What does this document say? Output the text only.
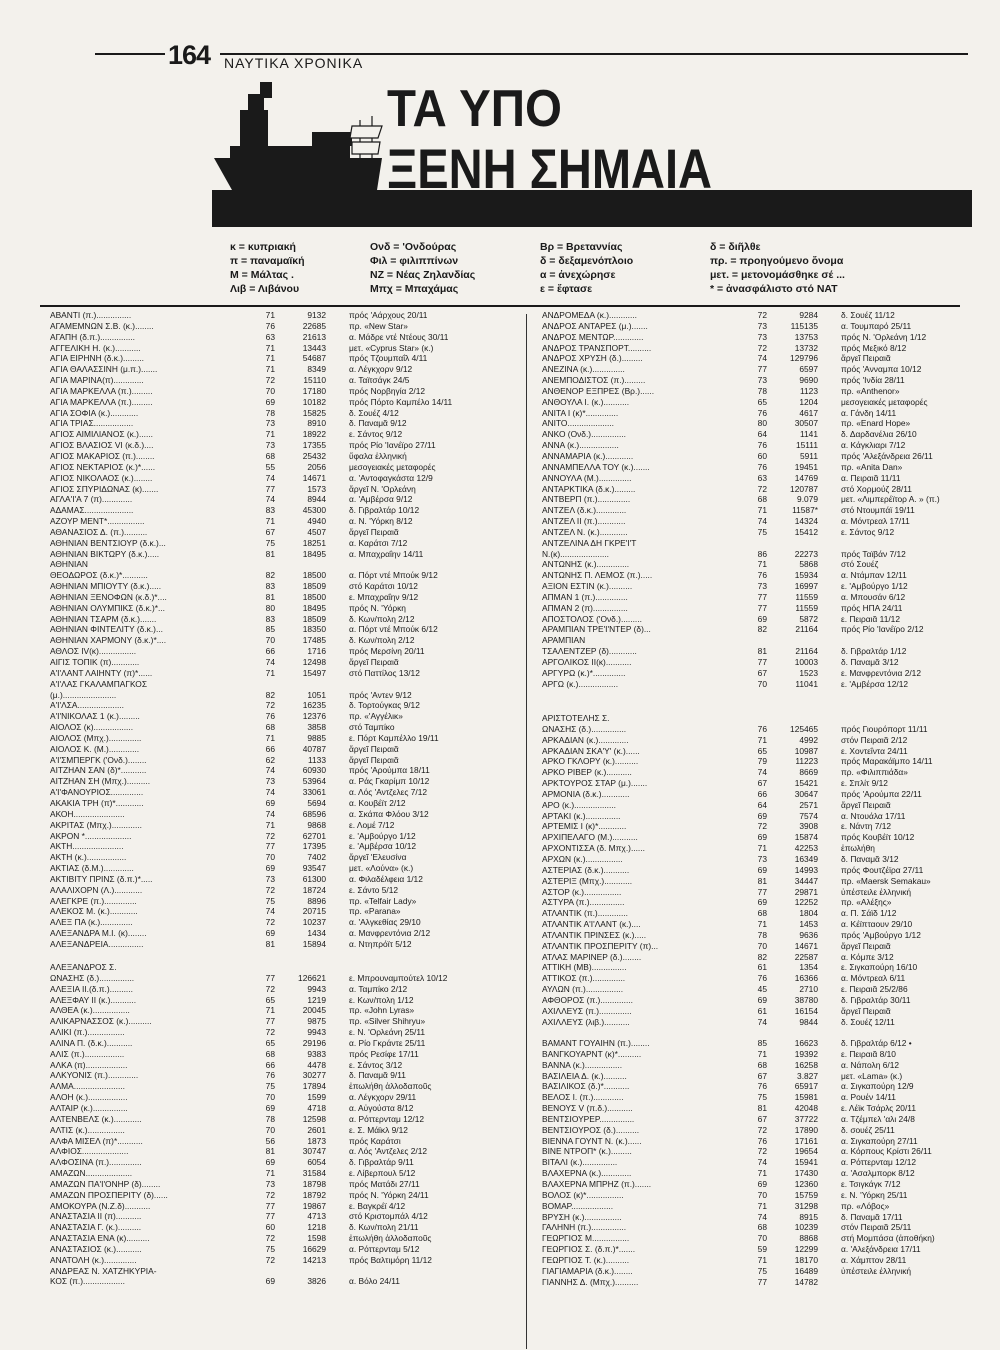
164 ΝΑΥΤΙΚΑ ΧΡΟΝΙΚΑ
ΤΑ ΥΠΟ
ΞΕΝΗ ΣΗΜΑΙΑ
κ = κυπριακή
π = παναμαϊκή
Μ = Μάλτας .
Λιβ = Λιβάνου
Ονδ = 'Ονδούρας
Φιλ = φιλιππίνων
ΝΖ = Νέας Ζηλανδίας
Μπχ = Μπαχάμας
Βρ = Βρεταννίας
δ = δεξαμενόπλοιο
α = ἀνεχώρησε
ε = ἔφτασε
δ = διῆλθε
πρ. = προηγούμενο ὄνομα
μετ. = μετονομάσθηκε σέ ...
* = ἀνασφάλιστο στό ΝΑΤ
ΑΒΑΝΤΙ (π.)...............	71	9132	πρός 'Αάρχους 20/11
ΑΓΑΜΕΜΝΩΝ Σ.Β. (κ.)........	76	22685	πρ. «New Star»
ΑΓΑΠΗ (δ.π.)...............	63	21613	α. Μάδρε ντέ Ντέους 30/11
ΑΓΓΕΛΙΚΗ Η. (κ.)...........	71	13443	μετ. «Cyprus Star» (κ.)
ΑΓΙΑ ΕΙΡΗΝΗ (δ.κ.).........	71	54687	πρός Τζουμπαΐλ 4/11
ΑΓΙΑ ΘΑΛΑΣΣΙΝΗ (μ.π.).......	71	8349	α. Λέγκχορν 9/12
ΑΓΙΑ ΜΑΡΙΝΑ(π).............	72	15110	α. Ταϊτσάγκ 24/5
ΑΓΙΑ ΜΑΡΚΕΛΛΑ (π.).........	70	17180	πρός Νορβηγία 2/12
ΑΓΙΑ ΜΑΡΚΕΛΛΑ (π.).........	69	10182	πρός Πόρτο Καμπέλο 14/11
ΑΓΙΑ ΣΟΦΙΑ (κ.)............	78	15825	δ. Σουέζ 4/12
ΑΓΙΑ ΤΡΙΑΣ.................	73	8910	δ. Παναμᾶ 9/12
ΑΓΙΟΣ ΑΙΜΙΛΙΑΝΟΣ (κ.)......	71	18922	ε. Σάντος 9/12
ΑΓΙΟΣ ΒΛΑΣΙΟΣ VI (κ.δ.)....	73	17355	πρός Ρίο 'Ιανέϊρο 27/11
ΑΓΙΟΣ ΜΑΚΑΡΙΟΣ (π.)........	68	25432	ὕφαλα ἑλληνική
ΑΓΙΟΣ ΝΕΚΤΑΡΙΟΣ (κ.)*......	55	2056	μεσογειακές μεταφορές
ΑΓΙΟΣ ΝΙΚΟΛΑΟΣ (κ.)........	74	14671	α. 'Αντοφαγκάστα 12/9
ΑΓΙΟΣ ΣΠΥΡΙΔΩΝΑΣ (κ).......	77	1573	ἄργεῖ Ν. 'Ορλεάνη
ΑΓΛΑ'Ι'Α 7 (π).............	74	8944	α. 'Αμβέρσα 9/12
ΑΔΑΜΑΣ.....................	83	45300	δ. Γιβραλτάρ 10/12
ΑΖΟΥΡ ΜΕΝΤ*................	71	4940	α. Ν. 'Υόρκη 8/12
ΑΘΑΝΑΣΙΟΣ Δ. (π.)..........	67	4507	ἄργεῖ Πειραιᾶ
ΑΘΗΝΙΑΝ ΒΕΝΤΣΙΟΥΡ (δ.κ.)...	75	18251	α. Καράτσι 7/12
ΑΘΗΝΙΑΝ ΒΙΚΤΩΡΥ (δ.κ.).....	81	18495	α. Μπαχραΐην 14/11
ΑΘΗΝΙΑΝ
ΘΕΟΔΩΡΟΣ (δ.κ.)*...........	82	18500	α. Πόρτ ντέ Μπούκ 9/12
ΑΘΗΝΙΑΝ ΜΠΙΟΥΤΥ (δ.κ.).....	83	18509	στό Καράτσι 10/12
ΑΘΗΝΙΑΝ ΞΕΝΟΦΩΝ (κ.δ.)*....	81	18500	ε. Μπαχραΐην 9/12
ΑΘΗΝΙΑΝ ΟΛΥΜΠΙΚΣ (δ.κ.)*...	80	18495	πρός Ν. 'Υόρκη
ΑΘΗΝΙΑΝ ΤΣΑΡΜ (δ.κ.).......	83	18509	δ. Κων/πολη 2/12
ΑΘΗΝΙΑΝ ΦΙΝΤΕΛΙΤΥ (δ.κ.)...	85	18350	α. Πόρτ ντέ Μπούκ 6/12
ΑΘΗΝΙΑΝ ΧΑΡΜΟΝΥ (δ.κ.)*....	70	17485	δ. Κων/πολη 2/12
ΑΘΛΟΣ IV(κ)................	66	1716	πρός Μερσίνη 20/11
ΑΙΓΙΣ ΤΟΠΙΚ (π)............	74	12498	ἄργεῖ Πειραιᾶ
Α'Ι'ΛΑΝΤ ΛΑΙΗΝΤΥ (π)*......	71	15497	στό Παττίλος 13/12
Α'Ι'ΛΑΣ ΓΚΑΛΑΜΠΑΓΚΟΣ
(μ.).......................	82	1051	πρός 'Αντεν 9/12
Α'Ι'ΛΣΑ....................	72	16235	δ. Τορτούγκας 9/12
Α'Ι'ΝΙΚΟΛΑΣ 1 (κ.).........	76	12376	πρ. «'Αγγέλικ»
ΑΙΟΛΟΣ (κ).................	68	3858	στό Ταμπίκο
ΑΙΟΛΟΣ (Μπχ.)..............	71	9885	ε. Πόρτ Καμπέλλο 19/11
ΑΙΟΛΟΣ Κ. (Μ.).............	66	40787	ἄργεῖ Πειραιᾶ
Α'Ι'ΣΜΠΕΡΓΚ ('Ονδ.)........	62	1133	ἄργεῖ Πειραιᾶ
ΑΙΤΖΗΑΝ ΣΑΝ (δ)*...........	74	60930	πρός 'Αρούμπα 18/11
ΑΙΤΖΗΑΝ ΣΗ (Μπχ.)..........	73	53964	α. Ράς Γκαρίμπ 10/12
Α'Ι'ΦΑΝΟΥΡΙΟΣ..............	74	33061	α. Λός 'Αντζελες 7/12
ΑΚΑΚΙΑ ΤΡΗ (π)*............	69	5694	α. Κουβέϊτ 2/12
ΑΚΟΗ......................	74	68596	α. Σκάπα Φλόου 3/12
ΑΚΡΙΤΑΣ (Μπχ.).............	71	9868	ε. Λομέ 7/12
ΑΚΡΟΝ *....................	72	62701	ε. 'Αμβούργο 1/12
ΑΚΤΗ......................	77	17395	ε. 'Αμβέρσα 10/12
ΑΚΤΗ (κ.).................	70	7402	ἄργεῖ 'Ελευσίνα
ΑΚΤΙΑΣ (δ.Μ.).............	69	93547	μετ. «Λούνα» (κ.)
ΑΚΤΙΒΙΤΥ ΠΡΙΝΣ (δ.π.)*.....	73	61300	α. Φιλαδέλφεια 1/12
ΑΛΑΛΙΧΟΡΝ (Λ.)............	72	18724	ε. Σάντο 5/12
ΑΛΕΓΚΡΕ (π.)..............	75	8896	πρ. «Telfair Lady»
ΑΛΕΚΟΣ Μ. (κ.)............	74	20715	πρ. «Parana»
ΑΛΕΞ ΠΑ (κ.)..............	72	10237	α. 'Αλγκεθίας 29/10
ΑΛΕΞΑΝΔΡΑ Μ.Ι. (κ)........	69	1434	α. Μανφρεντόνια 2/12
ΑΛΕΞΑΝΔΡΕΙΑ...............	81	15894	α. Ντηπρόϊτ 5/12
ΑΛΕΞΑΝΔΡΟΣ Σ.
ΩΝΑΣΗΣ (δ.)...............	77	126621	ε. Μπρουναμπούτελ 10/12
ΑΛΕΞΙΑ ΙΙ.(δ.π.)..........	72	9943	α. Ταμπίκο 2/12
ΑΛΕΞΦΑΥ ΙΙ (κ.)...........	65	1219	ε. Κων/πολη 1/12
ΑΛΘΕΑ (κ.)................	71	20045	πρ. «John Lyras»
ΑΛΙΚΑΡΝΑΣΣΟΣ (κ.)..........	77	9875	πρ. «Silver Shihryu»
ΑΛΙΚΙ (π.)................	72	9943	ε. Ν. 'Ορλεάνη 25/11
ΑΛΙΝΑ Π. (δ.κ.)...........	65	29196	α. Ρίο Γκράντε 25/11
ΑΛΙΣ (π.).................	68	9383	πρός Ρεσίφε 17/11
ΑΛΚΑ (π)..................	66	4478	ε. Σάντος 3/12
ΑΛΚΥΟΝΙΣ (π.).............	76	30277	δ. Παναμᾶ 9/11
ΑΛΜΑ......................	75	17894	ἐπωλήθη ἀλλοδαποῦς
ΑΛΟΗ (κ.).................	70	1599	α. Λέγκχορν 29/11
ΑΛΤΑΙΡ (κ.)...............	69	4718	α. Αὐγούστα 8/12
ΑΛΤΕΝΒΕΛΣ (κ.)............	78	12598	α. Ρόττερνταμ 12/12
ΑΛΤΙΣ (κ.)................	70	2601	ε. Σ. Μάϊκλ 9/12
ΑΛΦΑ ΜΙΣΕΛ (π)*...........	56	1873	πρός Καράτσι
ΑΛΦΙΟΣ....................	81	30747	α. Λός 'Αντζελες 2/12
ΑΛΦΟΣΙΝΑ (π.)..............	69	6054	δ. Γιβραλτάρ 9/11
ΑΜΑΖΩΝ....................	71	31584	ε. Λίβερπουλ 5/12
ΑΜΑΖΩΝ ΠΑ'Ι'ΟΝΗΡ (δ)........	73	18798	πρός Ματάδι 27/11
ΑΜΑΖΩΝ ΠΡΟΣΠΕΡΙΤΥ (δ)......	72	18792	πρός Ν. 'Υόρκη 24/11
ΑΜΟΚΟΥΡΑ (Ν.Ζ.δ)...........	77	19867	ε. Βαγκρέϊ 4/12
ΑΝΑΣΤΑΣΙΑ ΙΙ (π)...........	77	4713	στό Κριστομπάλ 4/12
ΑΝΑΣΤΑΣΙΑ Γ. (κ.)..........	60	1218	δ. Κων/πολη 21/11
ΑΝΑΣΤΑΣΙΑ ΕΝΑ (κ)..........	72	1598	ἐπωλήθη ἀλλοδαποῦς
ΑΝΑΣΤΑΣΙΟΣ (κ.)...........	75	16629	α. Ρόττερνταμ 5/12
ΑΝΑΤΟΛΗ (κ.)..............	72	14213	πρός Βαλτιμόρη 11/12
ΑΝΔΡΕΑΣ Ν. ΧΑΤΖΗΚΥΡΙΑ-
ΚΟΣ (π.)..................	69	3826	α. Βόλο 24/11
ΑΝΔΡΟΜΕΔΑ (κ.)............	72	9284	δ. Σουέζ 11/12
ΑΝΔΡΟΣ ΑΝΤΑΡΕΣ (μ.).......	73	115135	α. Τουμπαρό 25/11
ΑΝΔΡΟΣ ΜΕΝΤΩΡ.............	73	13753	πρός Ν. 'Ορλεάνη 1/12
ΑΝΔΡΟΣ ΤΡΑΝΣΠΟΡΤ..........	72	13732	πρός Μεξικό 8/12
ΑΝΔΡΟΣ ΧΡΥΣΗ (δ.).........	74	129796	ἄργεῖ Πειραιᾶ
ΑΝΕΖΙΝΑ (κ.)..............	77	6597	πρός 'Ανναμπα 10/12
ΑΝΕΜΠΟΔΙΣΤΟΣ (π.).........	73	9690	πρός 'Ινδία 28/11
ΑΝΘΕΝΟΡ ΕΞΠΡΕΣ (Βρ.)......	78	1123	πρ. «Anthenor»
ΑΝΘΟΥΛΑ Ι. (κ.)...........	65	1204	μεσογειακές μεταφορές
ΑΝΙΤΑ Ι (κ)*..............	76	4617	α. Γάνδη 14/11
ΑΝΙΤΟ....................	80	30507	πρ. «Enard Hope»
ΑΝΚΟ (Ονδ.)...............	64	1141	δ. Δαρδανέλια 26/10
ΑΝΝΑ (κ.).................	76	15111	α. Κάγκλιαρι 7/12
ΑΝΝΑΜΑΡΙΑ (κ.)............	60	5911	πρός 'Αλεξάνδρεια 26/11
ΑΝΝΑΜΠΕΛΛΑ ΤΟΥ (κ.).......	76	19451	πρ. «Anita Dan»
ΑΝΝΟΥΛΑ (Μ.)..............	63	14769	α. Πειραιᾶ 11/11
ΑΝΤΑΡΚΤΙΚΑ (δ.κ.).........	72	120787	στό Χορμούζ 28/11
ΑΝΤΒΕΡΠ (π.)..............	68	9.079	μετ. «Λιμπερέϊτορ Α. » (π.)
ΑΝΤΖΕΛ (δ.κ.).............	71	11587*	στό Ντουμπάϊ 19/11
ΑΝΤΖΕΛ ΙΙ (π.)............	74	14324	α. Μόντρεαλ 17/11
ΑΝΤΖΕΛ Ν. (κ.)............	75	15412	ε. Σάντος 9/12
ΑΝΤΖΕΛΙΝΑ ΔΗ ΓΚΡΕ'Ι'Τ
Ν.(κ).....................	86	22273	πρός Ταϊβάν 7/12
ΑΝΤΩΝΗΣ (κ.)..............	71	5868	στό Σουέζ
ΑΝΤΩΝΗΣ Π. ΛΕΜΟΣ (π.).....	76	15934	α. Ντάμπαν 12/11
ΑΞΙΟΝ ΕΣΤΙΝ (κ.)..........	73	16997	ε. 'Αμβούργο 1/12
ΑΠΜΑΝ 1 (π.)..............	77	11559	α. Μπουσάν 6/12
ΑΠΜΑΝ 2 (π)...............	77	11559	πρός ΗΠΑ 24/11
ΑΠΟΣΤΟΛΟΣ ('Ονδ.).........	69	5872	ε. Πειραιᾶ 11/12
ΑΡΑΜΠΙΑΝ ΤΡΕ'Ι'ΝΤΕΡ (δ)...	82	21164	πρός Ρίο 'Ιανέϊρο 2/12
ΑΡΑΜΠΙΑΝ
ΤΣΑΛΕΝΤΖΕΡ (δ)............	81	21164	δ. Γιβραλτάρ 1/12
ΑΡΓΟΛΙΚΟΣ ΙΙ(κ)...........	77	10003	δ. Παναμᾶ 3/12
ΑΡΓΥΡΩ (κ.)*..............	67	1523	ε. Μανφρεντόνια 2/12
ΑΡΓΩ (κ.).................	70	11041	ε. 'Αμβέρσα 12/12
ΑΡΙΣΤΟΤΕΛΗΣ Σ.
ΩΝΑΣΗΣ (δ.)...............	76	125465	πρός Γιουρόπορτ 11/11
ΑΡΚΑΔΙΑΝ (κ.).............	71	4992	στόν Πειραιᾶ 2/12
ΑΡΚΑΔΙΑΝ ΣΚΑ'Υ' (κ.)......	65	10987	ε. Χοντεΐντα 24/11
ΑΡΚΟ ΓΚΛΟΡΥ (κ.)..........	79	11223	πρός Μαρακάϊμπο 14/11
ΑΡΚΟ ΡΙΒΕΡ (κ.)...........	74	8669	πρ. «Φιλιππιάδα»
ΑΡΚΤΟΥΡΟΣ ΣΤΑΡ (μ.).......	67	15421	ε. Σπλίτ 9/12
ΑΡΜΟΝΙΑ (δ.κ.)............	66	30647	πρός 'Αρούμπα 22/11
ΑΡΟ (κ.)..................	64	2571	ἄργεῖ Πειραιᾶ
ΑΡΤΑΚΙ (κ.)...............	69	7574	α. Ντουάλα 17/11
ΑΡΤΕΜΙΣ Ι (κ)*............	72	3908	ε. Νάντη 7/12
ΑΡΧΙΠΕΛΑΓΟ (Μ.)...........	69	15874	πρός Κουβέϊτ 10/12
ΑΡΧΟΝΤΙΣΣΑ (δ. Μπχ.)......	71	42253	ἐπωλήθη
ΑΡΧΩΝ (κ.)................	73	16349	δ. Παναμᾶ 3/12
ΑΣΤΕΡΙΑΣ (δ.κ.)...........	69	14993	πρός Φουτζέϊρα 27/11
ΑΣΤΕΡΙΞ (Μπχ.)............	81	34447	πρ. «Maersk Semakau»
ΑΣΤΟΡ (κ.)................	77	29871	ὑπέστειλε ἑλληνική
ΑΣΤΥΡΑ (π.)...............	69	12252	πρ. «Αλέξης»
ΑΤΛΑΝΤΙΚ (π.).............	68	1804	α. Π. Σάϊδ 1/12
ΑΤΛΑΝΤΙΚ Α'Ι'ΛΑΝΤ (κ.)....	71	1453	α. Κέϊπταουν 29/10
ΑΤΛΑΝΤΙΚ ΠΡΙΝΣΕΣ (κ.).....	78	9636	πρός 'Αμβούργο 1/12
ΑΤΛΑΝΤΙΚ ΠΡΟΣΠΕΡΙΤΥ (π)...	70	14671	ἄργεῖ Πειραιᾶ
ΑΤΛΑΣ ΜΑΡΙΝΕΡ (δ.)........	82	22587	α. Κόμπε 3/12
ΑΤΤΙΚΗ (ΜΒ)...............	61	1354	ε. Σιγκαπούρη 16/10
ΑΤΤΙΚΟΣ (π.)..............	76	16366	α. Μόντρεαλ 6/11
ΑΥΛΩΝ (π.)................	45	2710	ε. Πειραιᾶ 25/2/86
ΑΦΘΟΡΟΣ (π.)..............	69	38780	δ. Γιβραλτάρ 30/11
ΑΧΙΛΛΕΥΣ (π.)..............	61	16154	ἄργεῖ Πειραιᾶ
ΑΧΙΛΛΕΥΣ (λιβ.)...........	74	9844	δ. Σουέζ 12/11
ΒΑΜΑΝΤ ΓΟΥΑΙΗΝ (π.)........	85	16623	δ. Γιβραλτάρ 6/12 •
ΒΑΝΓΚΟΥΑΡΝΤ (κ)*..........	71	19392	ε. Πειραιᾶ 8/10
ΒΑΝΝΑ (κ.)................	68	16258	α. Νάπολη 6/12
ΒΑΣΙΛΕΙΑ Δ. (κ.)..........	67	3.827	μετ. «Lama» (κ.)
ΒΑΣΙΛΙΚΟΣ (δ.)*...........	76	65917	α. Σιγκαπούρη 12/9
ΒΕΛΟΣ Ι. (π.).............	75	15981	α. Ρουέν 14/11
ΒΕΝΟΥΣ V (π.δ.)...........	81	42048	ε. Λέϊκ Τσάρλς 20/11
ΒΕΝΤΣΙΟΥΡΕΡ...............	67	37722	α. Τζέμπελ 'αλι 24/8
ΒΕΝΤΣΙΟΥΡΟΣ (δ.)..........	72	17890	δ. σουέζ 25/11
ΒΙΕΝΝΑ ΓΟΥΝΤ Ν. (κ.)......	76	17161	α. Σιγκαπούρη 27/11
ΒΙΝΕ ΝΤΡΟΠ* (κ.).........	72	19654	α. Κόρπους Κρίστι 26/11
ΒΙΤΑΛΙ (κ.)...............	74	15941	α. Ρόττερνταμ 12/12
ΒΛΑΧΕΡΝΑ (κ.).............	71	17430	α. 'Ασαλμπορκ 8/12
ΒΛΑΧΕΡΝΑ ΜΠΡΗΖ (π.).......	69	12360	ε. Τσιγκάγκ 7/12
ΒΟΛΟΣ (κ)*................	70	15759	ε. Ν. 'Υόρκη 25/11
ΒΟΜΑΡ..................	71	31298	πρ. «Λόβος»
ΒΡΥΣΗ (κ.)................	74	8915	δ. Παναμᾶ 17/11
ΓΑΛΗΝΗ (π.)...............	68	10239	στόν Πειραιᾶ 25/11
ΓΕΩΡΓΙΟΣ Μ................	70	8868	στή Μομπάσα (ἀποθήκη)
ΓΕΩΡΓΙΟΣ Σ. (δ.π.)*.......	59	12299	α. 'Αλεξάνδρεια 17/11
ΓΕΩΡΓΙΟΣ Τ. (κ.)..........	71	18170	α. Χάμπτον 28/11
ΓΙΑΓΙΑΜΑΡΙΑ (δ.κ.)........	75	16489	ὑπέστειλε ἑλληνική
ΓΙΑΝΝΗΣ Δ. (Μπχ.)..........	77	14782
